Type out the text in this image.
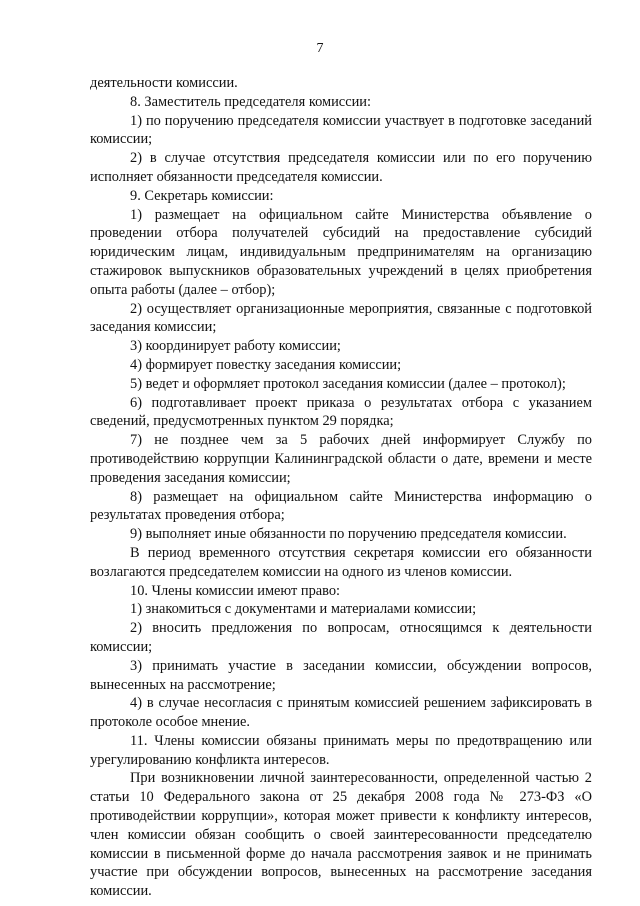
7

деятельности комиссии.

8. Заместитель председателя комиссии:

1) по поручению председателя комиссии участвует в подготовке заседаний комиссии;

2) в случае отсутствия председателя комиссии или по его поручению исполняет обязанности председателя комиссии.

9. Секретарь комиссии:

1) размещает на официальном сайте Министерства объявление о проведении отбора получателей субсидий на предоставление субсидий юридическим лицам, индивидуальным предпринимателям на организацию стажировок выпускников образовательных учреждений в целях приобретения опыта работы (далее – отбор);

2) осуществляет организационные мероприятия, связанные с подготовкой заседания комиссии;

3) координирует работу комиссии;

4) формирует повестку заседания комиссии;

5) ведет и оформляет протокол заседания комиссии (далее – протокол);

6) подготавливает проект приказа о результатах отбора с указанием сведений, предусмотренных пунктом 29 порядка;

7) не позднее чем за 5 рабочих дней информирует Службу по противодействию коррупции Калининградской области о дате, времени и месте проведения заседания комиссии;

8) размещает на официальном сайте Министерства информацию о результатах проведения отбора;

9) выполняет иные обязанности по поручению председателя комиссии.

В период временного отсутствия секретаря комиссии его обязанности возлагаются председателем комиссии на одного из членов комиссии.

10. Члены комиссии имеют право:

1) знакомиться с документами и материалами комиссии;

2) вносить предложения по вопросам, относящимся к деятельности комиссии;

3) принимать участие в заседании комиссии, обсуждении вопросов, вынесенных на рассмотрение;

4) в случае несогласия с принятым комиссией решением зафиксировать в протоколе особое мнение.

11. Члены комиссии обязаны принимать меры по предотвращению или урегулированию конфликта интересов.

При возникновении личной заинтересованности, определенной частью 2 статьи 10 Федерального закона от 25 декабря 2008 года № 273-ФЗ «О противодействии коррупции», которая может привести к конфликту интересов, член комиссии обязан сообщить о своей заинтересованности председателю комиссии в письменной форме до начала рассмотрения заявок и не принимать участие при обсуждении вопросов, вынесенных на рассмотрение заседания комиссии.
